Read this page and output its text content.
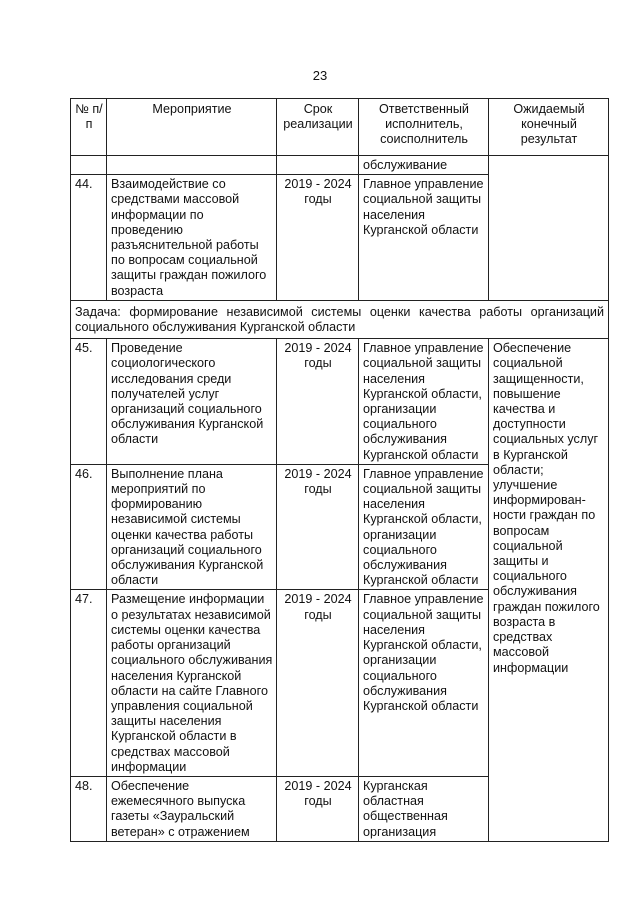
23
№ п/п	Мероприятие	Срок реализации	Ответственный исполнитель, соисполнитель	Ожидаемый конечный результат
			обслуживание	
44.	Взаимодействие со средствами массовой информации по проведению разъяснительной работы по вопросам социальной защиты граждан пожилого возраста	2019 - 2024 годы	Главное управление социальной защиты населения Курганской области	
Задача: формирование независимой системы оценки качества работы организаций социального обслуживания Курганской области				
45.	Проведение социологического исследования среди получателей услуг организаций социального обслуживания Курганской области	2019 - 2024 годы	Главное управление социальной защиты населения Курганской области, организации социального обслуживания Курганской области	Обеспечение социальной защищенности, повышение качества и доступности социальных услуг в Курганской области; улучшение информирован-ности граждан по вопросам социальной защиты и социального обслуживания граждан пожилого возраста в средствах массовой информации
46.	Выполнение плана мероприятий по формированию независимой системы оценки качества работы организаций социального обслуживания Курганской области	2019 - 2024 годы	Главное управление социальной защиты населения Курганской области, организации социального обслуживания Курганской области	
47.	Размещение информации о результатах независимой системы оценки качества работы организаций социального обслуживания населения Курганской области на сайте Главного управления социальной защиты населения Курганской области в средствах массовой информации	2019 - 2024 годы	Главное управление социальной защиты населения Курганской области, организации социального обслуживания Курганской области	
48.	Обеспечение ежемесячного выпуска газеты «Зауральский ветеран» с отражением	2019 - 2024 годы	Курганская областная общественная организация	
